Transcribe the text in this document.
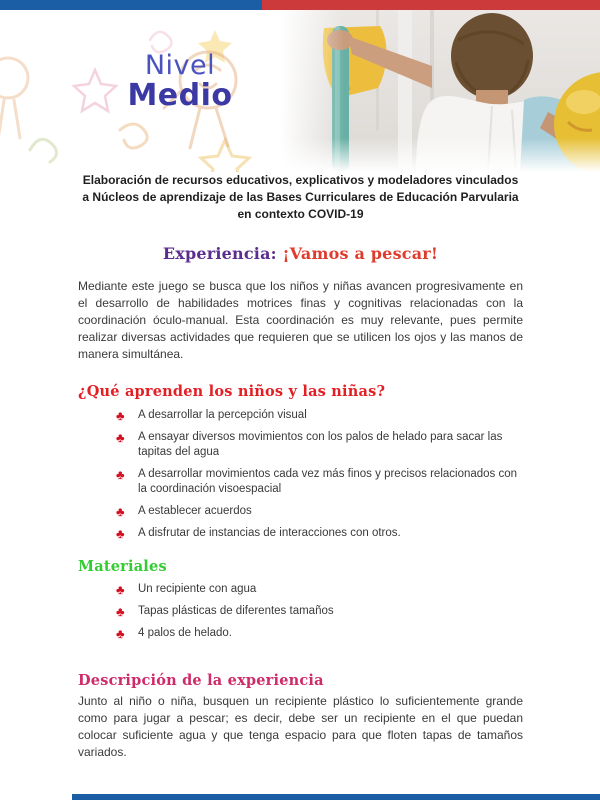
Nivel
Medio
Elaboración de recursos educativos, explicativos y modeladores vinculados a Núcleos de aprendizaje de las Bases Curriculares de Educación Parvularia en contexto COVID-19
Experiencia: ¡Vamos a pescar!

Mediante este juego se busca que los niños y niñas avancen progresivamente en el desarrollo de habilidades motrices finas y cognitivas relacionadas con la coordinación óculo-manual. Esta coordinación es muy relevante, pues permite realizar diversas actividades que requieren que se utilicen los ojos y las manos de manera simultánea.

¿Qué aprenden los niños y las niñas?
♣	A desarrollar la percepción visual
♣	A ensayar diversos movimientos con los palos de helado para sacar las tapitas del agua
♣	A desarrollar movimientos cada vez más finos y precisos relacionados con la coordinación visoespacial
♣	A establecer acuerdos
♣	A disfrutar de instancias de interacciones con otros.
Materiales
♣	Un recipiente con agua
♣	Tapas plásticas de diferentes tamaños
♣	4 palos de helado.
Descripción de la experiencia

Junto al niño o niña, busquen un recipiente plástico lo suficientemente grande como para jugar a pescar; es decir, debe ser un recipiente en el que puedan colocar suficiente agua y que tenga espacio para que floten tapas de tamaños variados.
